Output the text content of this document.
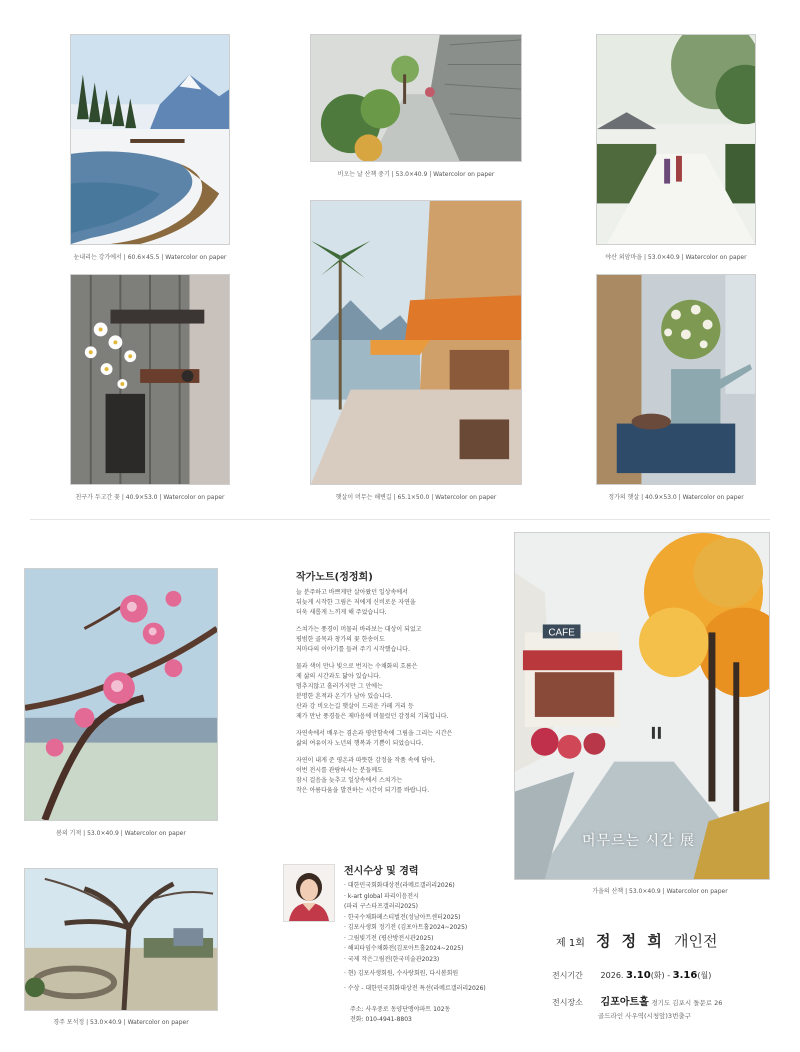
눈내리는 강가에서 | 60.6×45.5 | Watercolor on paper
비오는 날 산책 중기 | 53.0×40.9 | Watercolor on paper
야산 외암마을 | 53.0×40.9 | Watercolor on paper
친구가 두고간 꽃 | 40.9×53.0 | Watercolor on paper	햇살이 머무는 해변길 | 65.1×50.0 | Watercolor on paper	정가의 햇살 | 40.9×53.0 | Watercolor on paper
봄의 기적 | 53.0×40.9 | Watercolor on paper
작가노트(정정희)

늘 분주하고 바쁘게만 살아왔던 일상속에서
뒤늦게 시작한 그림은 저에게 신비로운 자연을
더욱 새롭게 느끼게 해 주었습니다.

스쳐가는 풍경이 머물러 바라보는 대상이 되었고
평범한 골목과 창가의 꽃 한송이도
저마다의 이야기를 들려 주기 시작했습니다.

물과 색이 만나 빛으로 번지는 수채화의 흐름은
제 삶의 시간과도 닮아 있습니다.
멈추지않고 흘러가지만 그 안에는
분명한 흔적과 온기가 남아 있습니다.
산과 강 비오는길 햇살이 드리운 카페 거리 등
제가 만난 풍경들은 제마음에 머물렀던 감정의 기록입니다.

자연속에서 배우는 겸손과 평안함속에 그림을 그리는 시간은
삶의 여유이자 노년의 행복과 기쁨이 되었습니다.

자연이 내게 준 평온과 따뜻한 감정을 작품 속에 담아,
이번 전시를 관람하시는 분들께도
잠시 걸음을 늦추고 일상속에서 스쳐가는
작은 아름다움을 발견하는 시간이 되기를 바랍니다.

CAFE
머무르는 시간 展
가을의 산책 | 53.0×40.9 | Watercolor on paper
경주 포석정 | 53.0×40.9 | Watercolor on paper
전시수상 및 경력
· 대한민국회화대상전(라메르갤러리2026)
· k-art global 파리이음전시
(파리 구스타프갤러리2025)
· 한국수채화페스티벌전(성남아트센터2025)
· 김포사생회 정기전 (김포아트홀2024~2025)
· 그림빛기전 (평산방전시관2025)
· 해피타임수채화전(김포아트홀2024~2025)
· 국제 작은그림전(한국미술관2023)
· 현) 김포사생회원, 수사랑회원, 다시봄회원
· 수상 - 대한민국회화대상전 특선(라메르갤러리2026)
주소: 사우중로 동양단맹야파트 102동
전화: 010-4941-8803
제 1회 정 정 희 개인전
전시기간 2026. 3.10(화) - 3.16(월)
전시장소 김포아트홀 경기도 김포시 돌문로 26
골드라인 사우역(시청앞)3번출구
